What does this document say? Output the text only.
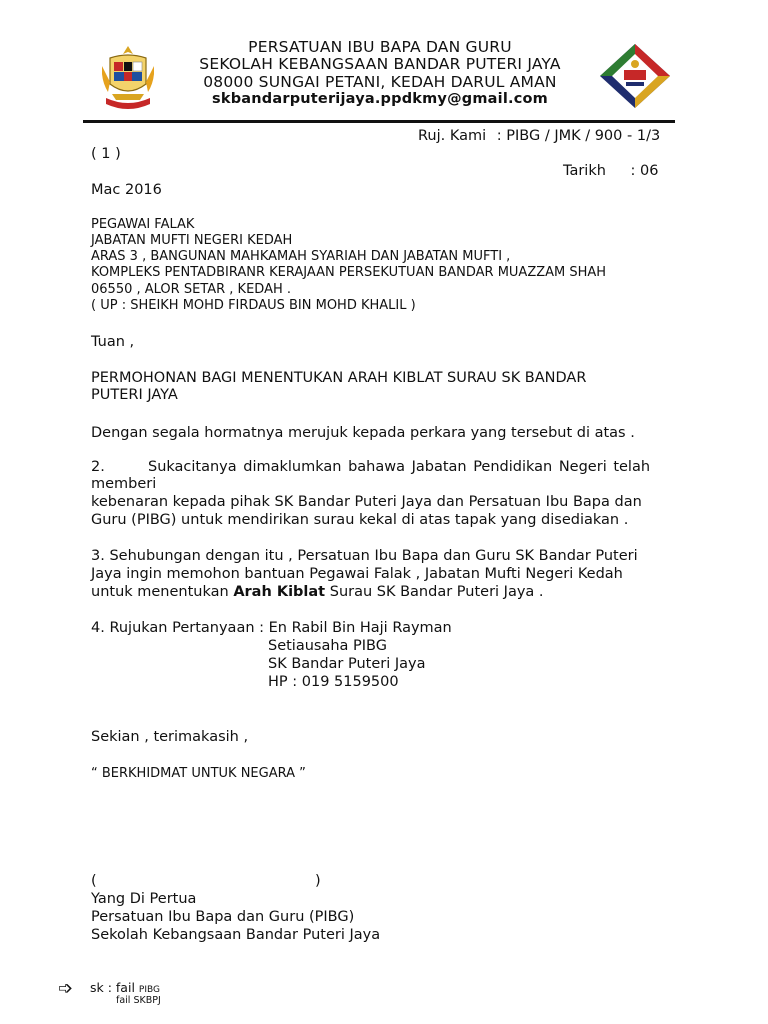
PERSATUAN IBU BAPA DAN GURU
SEKOLAH KEBANGSAAN BANDAR PUTERI JAYA
08000 SUNGAI PETANI, KEDAH DARUL AMAN
skbandarputerijaya.ppdkmy@gmail.com
Ruj. Kami : PIBG / JMK / 900 - 1/3
( 1 )
Tarikh : 06
Mac 2016
PEGAWAI FALAK
JABATAN MUFTI NEGERI KEDAH
ARAS 3 , BANGUNAN MAHKAMAH SYARIAH DAN JABATAN MUFTI ,
KOMPLEKS PENTADBIRANR KERAJAAN PERSEKUTUAN BANDAR MUAZZAM SHAH
06550 , ALOR SETAR , KEDAH .
( UP : SHEIKH MOHD FIRDAUS BIN MOHD KHALIL )
Tuan ,
PERMOHONAN BAGI MENENTUKAN ARAH KIBLAT SURAU SK BANDAR
PUTERI JAYA
Dengan segala hormatnya merujuk kepada perkara yang tersebut di atas .
2.	Sukacitanya dimaklumkan bahawa Jabatan Pendidikan Negeri telah
memberi
kebenaran kepada pihak SK Bandar Puteri Jaya dan Persatuan Ibu Bapa dan
Guru (PIBG) untuk mendirikan surau kekal di atas tapak yang disediakan .
3. Sehubungan dengan itu , Persatuan Ibu Bapa dan Guru SK Bandar Puteri
Jaya ingin memohon bantuan Pegawai Falak , Jabatan Mufti Negeri Kedah
untuk menentukan Arah Kiblat Surau SK Bandar Puteri Jaya .
4. Rujukan Pertanyaan : En Rabil Bin Haji Rayman
Setiausaha PIBG
SK Bandar Puteri Jaya
HP : 019 5159500
Sekian , terimakasih ,
“ BERKHIDMAT UNTUK NEGARA ”
(	)
Yang Di Pertua
Persatuan Ibu Bapa dan Guru (PIBG)
Sekolah Kebangsaan Bandar Puteri Jaya
➩ sk : fail PIBG
fail SKBPJ
